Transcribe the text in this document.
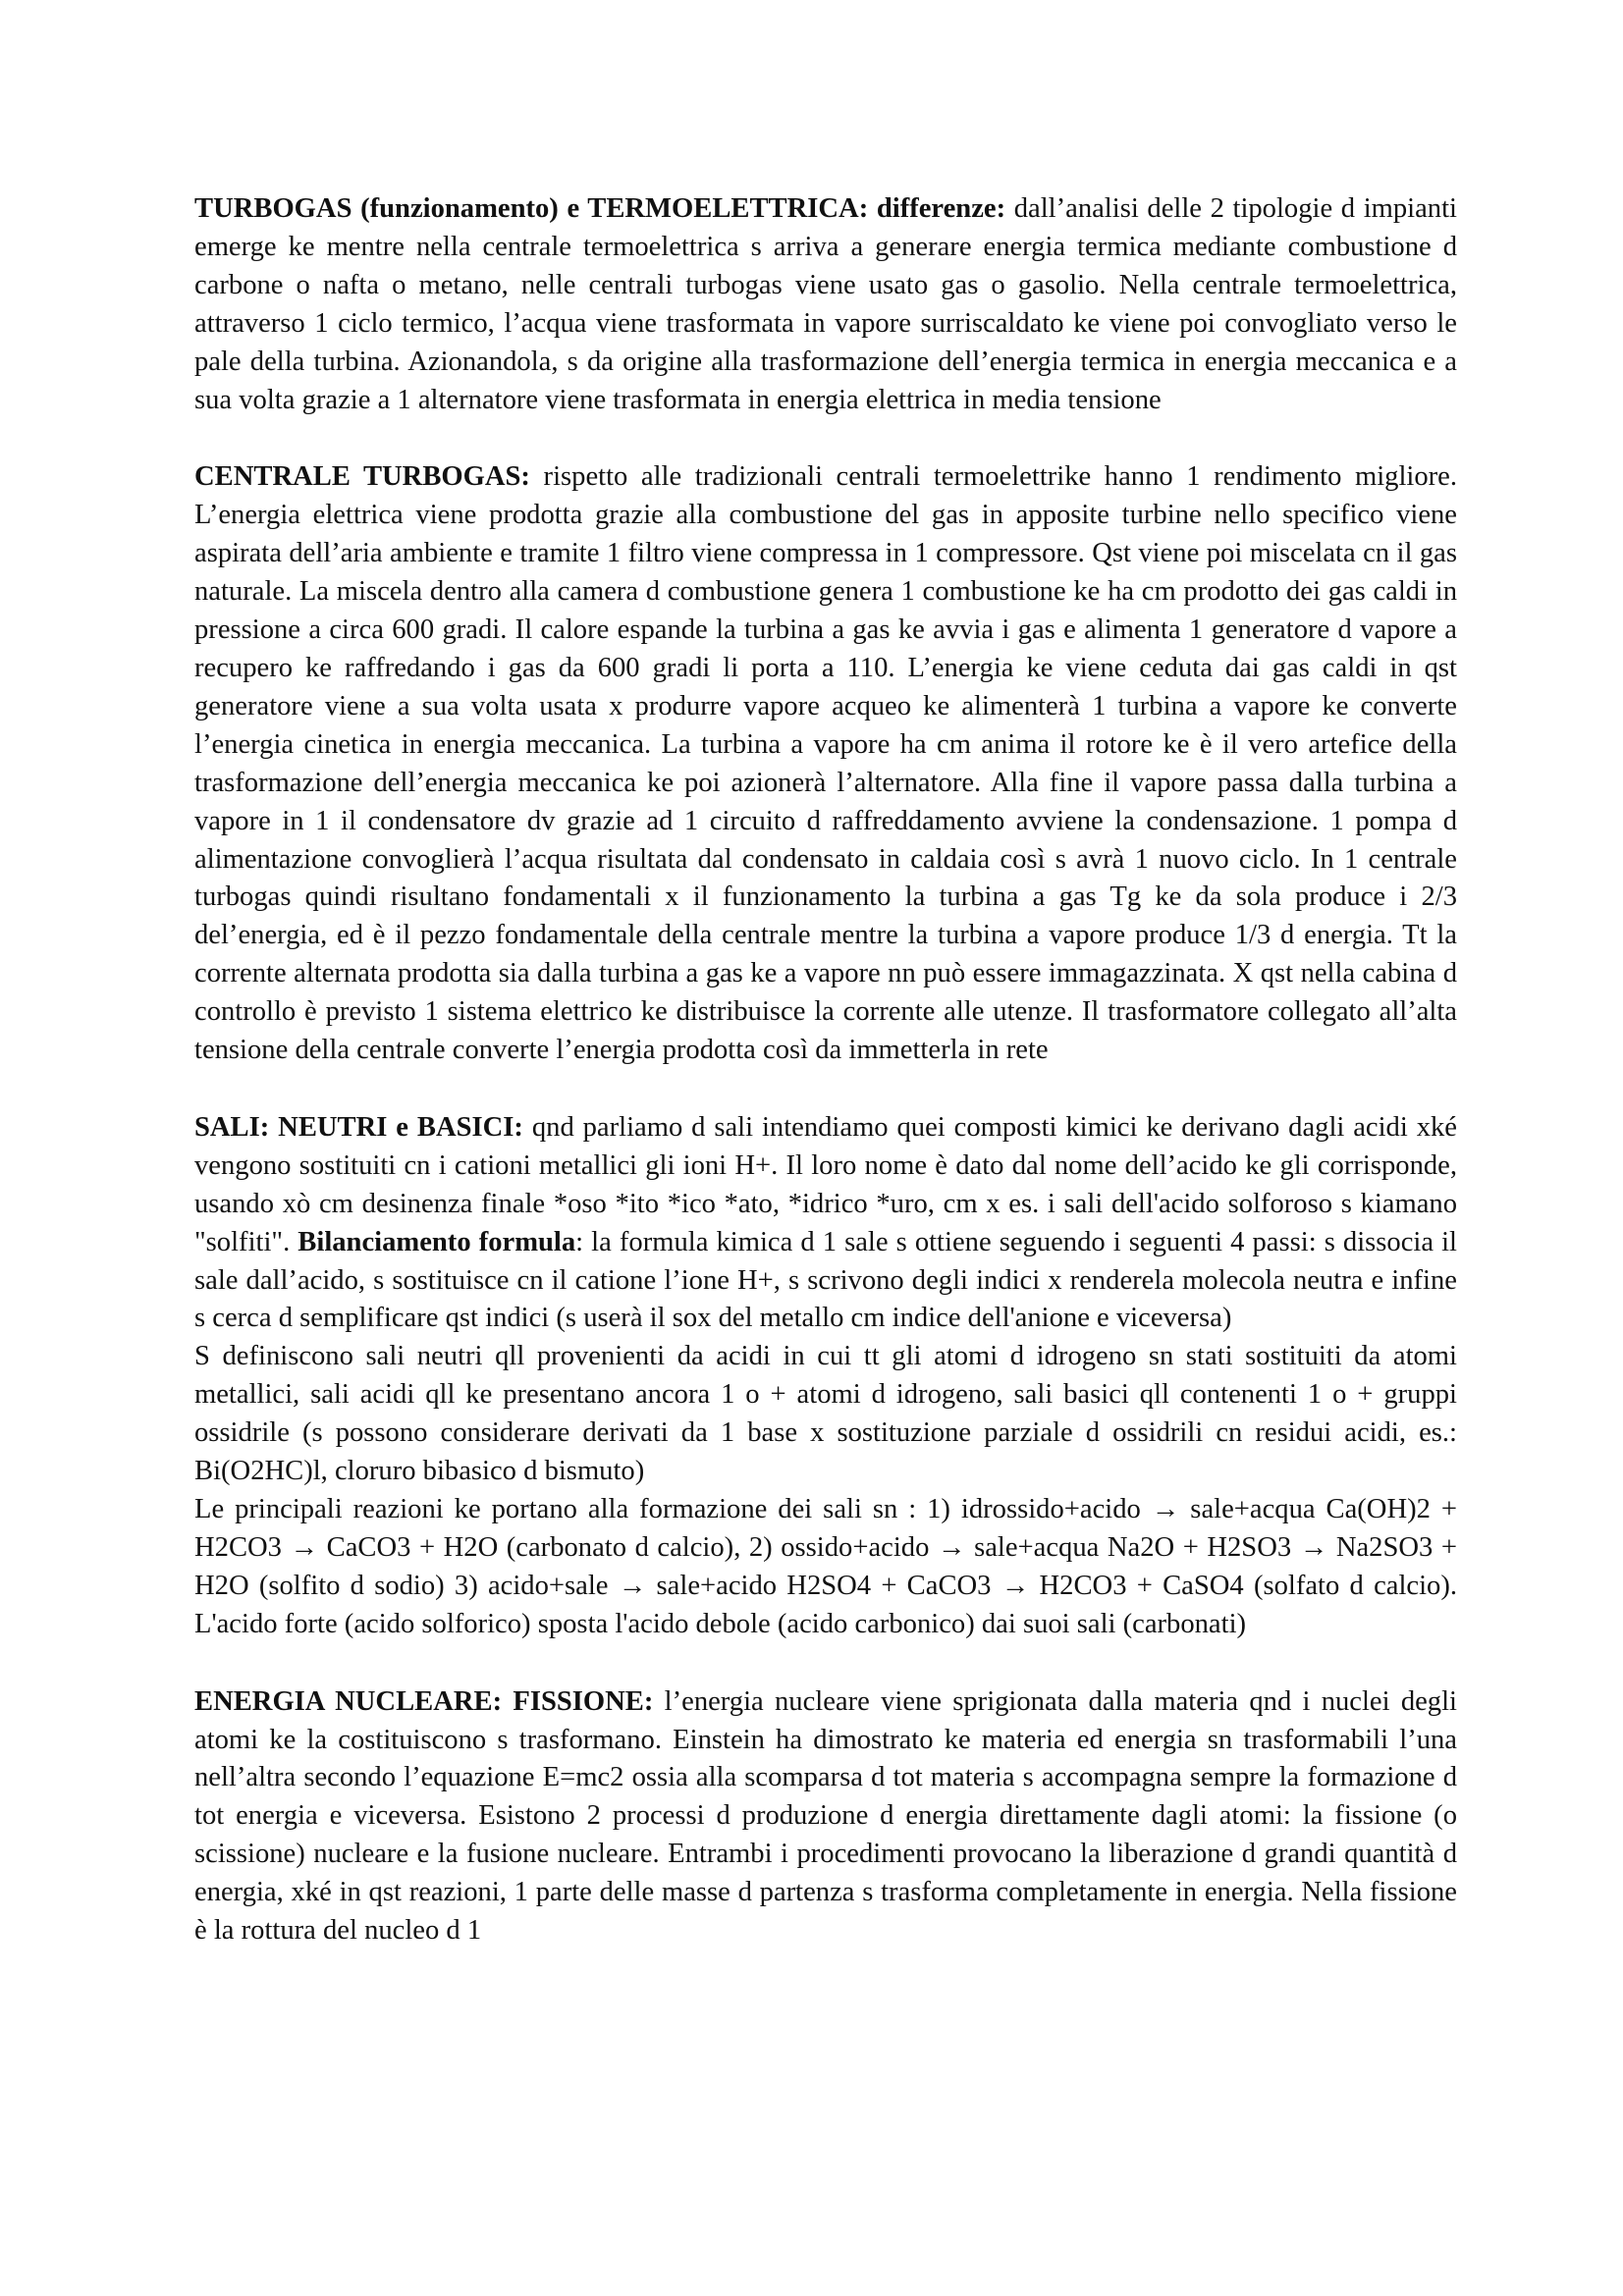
TURBOGAS (funzionamento) e TERMOELETTRICA: differenze: dall’analisi delle 2 tipologie d impianti emerge ke mentre nella centrale termoelettrica s arriva a generare energia termica mediante combustione d carbone o nafta o metano, nelle centrali turbogas viene usato gas o gasolio. Nella centrale termoelettrica, attraverso 1 ciclo termico, l’acqua viene trasformata in vapore surriscaldato ke viene poi convogliato verso le pale della turbina. Azionandola, s da origine alla trasformazione dell’energia termica in energia meccanica e a sua volta grazie a 1 alternatore viene trasformata in energia elettrica in media tensione

CENTRALE TURBOGAS: rispetto alle tradizionali centrali termoelettrike hanno 1 rendimento migliore. L’energia elettrica viene prodotta grazie alla combustione del gas in apposite turbine nello specifico viene aspirata dell’aria ambiente e tramite 1 filtro viene compressa in 1 compressore. Qst viene poi miscelata cn il gas naturale. La miscela dentro alla camera d combustione genera 1 combustione ke ha cm prodotto dei gas caldi in pressione a circa 600 gradi. Il calore espande la turbina a gas ke avvia i gas e alimenta 1 generatore d vapore a recupero ke raffredando i gas da 600 gradi li porta a 110. L’energia ke viene ceduta dai gas caldi in qst generatore viene a sua volta usata x produrre vapore acqueo ke alimenterà 1 turbina a vapore ke converte l’energia cinetica in energia meccanica. La turbina a vapore ha cm anima il rotore ke è il vero artefice della trasformazione dell’energia meccanica ke poi azionerà l’alternatore. Alla fine il vapore passa dalla turbina a vapore in 1 il condensatore dv grazie ad 1 circuito d raffreddamento avviene la condensazione. 1 pompa d alimentazione convoglierà l’acqua risultata dal condensato in caldaia così s avrà 1 nuovo ciclo. In 1 centrale turbogas quindi risultano fondamentali x il funzionamento la turbina a gas Tg ke da sola produce i 2/3 del’energia, ed è il pezzo fondamentale della centrale mentre la turbina a vapore produce 1/3 d energia. Tt la corrente alternata prodotta sia dalla turbina a gas ke a vapore nn può essere immagazzinata. X qst nella cabina d controllo è previsto 1 sistema elettrico ke distribuisce la corrente alle utenze. Il trasformatore collegato all’alta tensione della centrale converte l’energia prodotta così da immetterla in rete

SALI: NEUTRI e BASICI: qnd parliamo d sali intendiamo quei composti kimici ke derivano dagli acidi xké vengono sostituiti cn i cationi metallici gli ioni H+. Il loro nome è dato dal nome dell’acido ke gli corrisponde, usando xò cm desinenza finale *oso *ito *ico *ato, *idrico *uro, cm x es. i sali dell'acido solforoso s kiamano "solfiti". Bilanciamento formula: la formula kimica d 1 sale s ottiene seguendo i seguenti 4 passi: s dissocia il sale dall’acido, s sostituisce cn il catione l’ione H+, s scrivono degli indici x renderela molecola neutra e infine s cerca d semplificare qst indici (s userà il sox del metallo cm indice dell'anione e viceversa)

S definiscono sali neutri qll provenienti da acidi in cui tt gli atomi d idrogeno sn stati sostituiti da atomi metallici, sali acidi qll ke presentano ancora 1 o + atomi d idrogeno, sali basici qll contenenti 1 o + gruppi ossidrile (s possono considerare derivati da 1 base x sostituzione parziale d ossidrili cn residui acidi, es.: Bi(O2HC)l, cloruro bibasico d bismuto)

Le principali reazioni ke portano alla formazione dei sali sn : 1) idrossido+acido → sale+acqua Ca(OH)2 + H2CO3 → CaCO3 + H2O (carbonato d calcio), 2) ossido+acido → sale+acqua Na2O + H2SO3 → Na2SO3 + H2O (solfito d sodio) 3) acido+sale → sale+acido H2SO4 + CaCO3 → H2CO3 + CaSO4 (solfato d calcio). L'acido forte (acido solforico) sposta l'acido debole (acido carbonico) dai suoi sali (carbonati)

ENERGIA NUCLEARE: FISSIONE: l’energia nucleare viene sprigionata dalla materia qnd i nuclei degli atomi ke la costituiscono s trasformano. Einstein ha dimostrato ke materia ed energia sn trasformabili l’una nell’altra secondo l’equazione E=mc2 ossia alla scomparsa d tot materia s accompagna sempre la formazione d tot energia e viceversa. Esistono 2 processi d produzione d energia direttamente dagli atomi: la fissione (o scissione) nucleare e la fusione nucleare. Entrambi i procedimenti provocano la liberazione d grandi quantità d energia, xké in qst reazioni, 1 parte delle masse d partenza s trasforma completamente in energia. Nella fissione è la rottura del nucleo d 1
